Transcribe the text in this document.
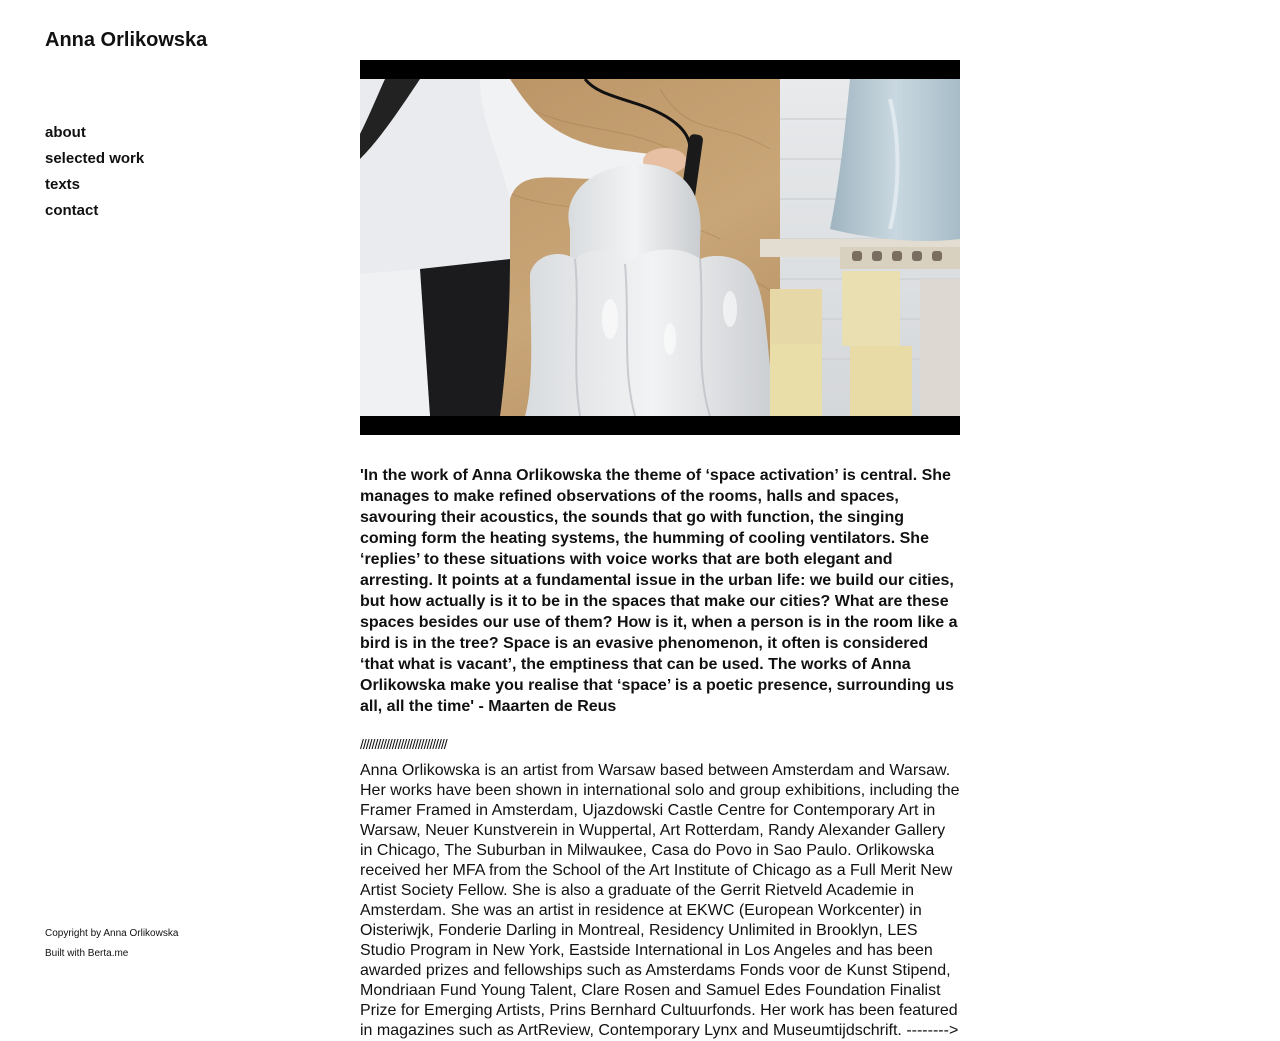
Anna Orlikowska
about
selected work
texts
contact
Copyright by Anna Orlikowska
Built with Berta.me

'In the work of Anna Orlikowska the theme of ‘space activation’ is central. She manages to make refined observations of the rooms, halls and spaces, savouring their acoustics, the sounds that go with function, the singing coming form the heating systems, the humming of cooling ventilators. She ‘replies’ to these situations with voice works that are both elegant and arresting. It points at a fundamental issue in the urban life: we build our cities, but how actually is it to be in the spaces that make our cities? What are these spaces besides our use of them? How is it, when a person is in the room like a bird is in the tree? Space is an evasive phenomenon, it often is considered ‘that what is vacant’, the emptiness that can be used. The works of Anna Orlikowska make you realise that ‘space’ is a poetic presence, surrounding us all, all the time' - Maarten de Reus

//////////////////////////////

Anna Orlikowska is an artist from Warsaw based between Amsterdam and Warsaw. Her works have been shown in international solo and group exhibitions, including the Framer Framed in Amsterdam, Ujazdowski Castle Centre for Contemporary Art in Warsaw, Neuer Kunstverein in Wuppertal, Art Rotterdam, Randy Alexander Gallery in Chicago, The Suburban in Milwaukee, Casa do Povo in Sao Paulo. Orlikowska received her MFA from the School of the Art Institute of Chicago as a Full Merit New Artist Society Fellow. She is also a graduate of the Gerrit Rietveld Academie in Amsterdam. She was an artist in residence at EKWC (European Workcenter) in Oisteriwjk, Fonderie Darling in Montreal, Residency Unlimited in Brooklyn, LES Studio Program in New York, Eastside International in Los Angeles and has been awarded prizes and fellowships such as Amsterdams Fonds voor de Kunst Stipend, Mondriaan Fund Young Talent, Clare Rosen and Samuel Edes Foundation Finalist Prize for Emerging Artists, Prins Bernhard Cultuurfonds. Her work has been featured in magazines such as ArtReview, Contemporary Lynx and Museumtijdschrift. -------->
